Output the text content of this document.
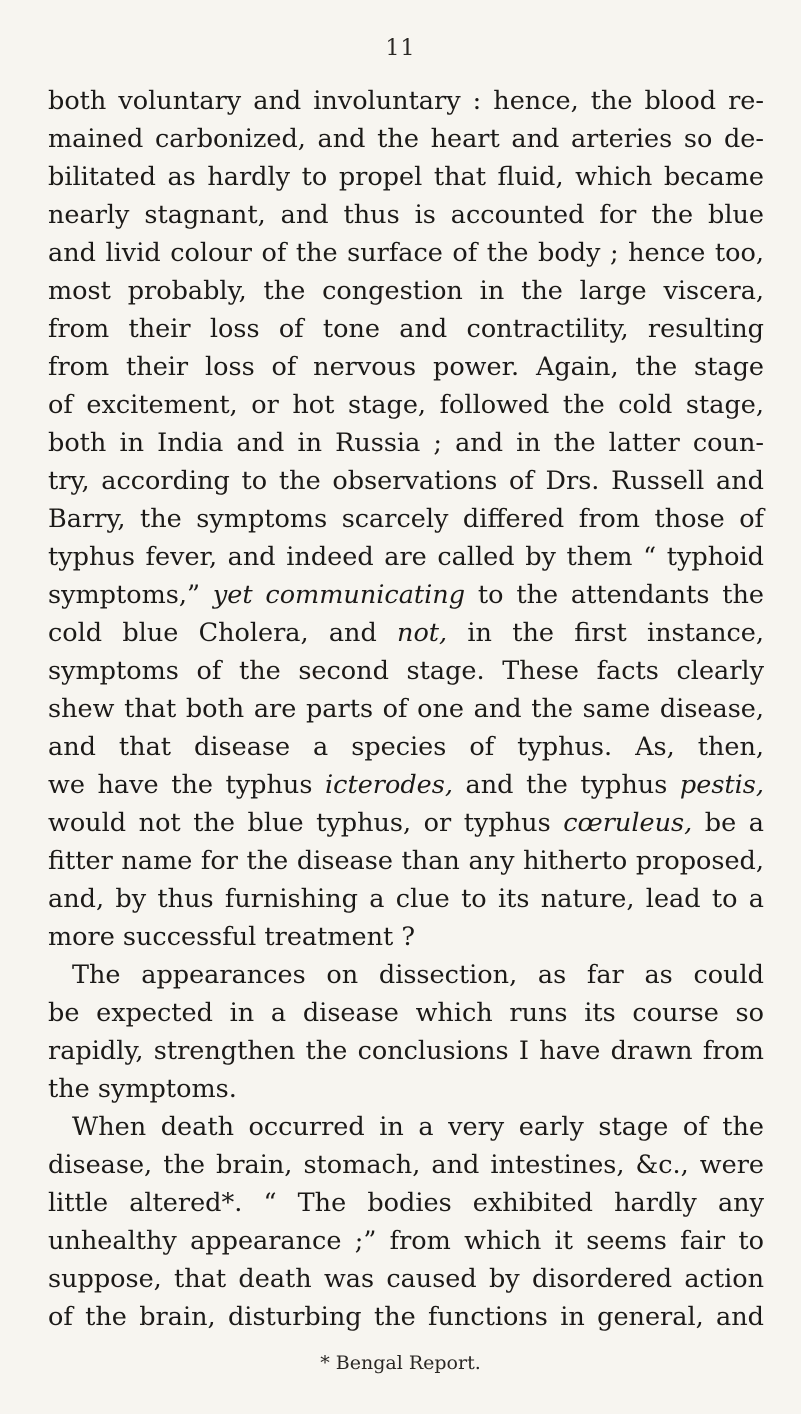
11
both voluntary and involuntary : hence, the blood re-
mained carbonized, and the heart and arteries so de-
bilitated as hardly to propel that fluid, which became
nearly stagnant, and thus is accounted for the blue
and livid colour of the surface of the body ; hence too,
most probably, the congestion in the large viscera,
from their loss of tone and contractility, resulting
from their loss of nervous power. Again, the stage
of excitement, or hot stage, followed the cold stage,
both in India and in Russia ; and in the latter coun-
try, according to the observations of Drs. Russell and
Barry, the symptoms scarcely differed from those of
typhus fever, and indeed are called by them “ typhoid
symptoms,” yet communicating to the attendants the
cold blue Cholera, and not, in the first instance,
symptoms of the second stage. These facts clearly
shew that both are parts of one and the same disease,
and that disease a species of typhus. As, then,
we have the typhus icterodes, and the typhus pestis,
would not the blue typhus, or typhus cœruleus, be a
fitter name for the disease than any hitherto proposed,
and, by thus furnishing a clue to its nature, lead to a
more successful treatment ?
The appearances on dissection, as far as could
be expected in a disease which runs its course so
rapidly, strengthen the conclusions I have drawn from
the symptoms.
When death occurred in a very early stage of the
disease, the brain, stomach, and intestines, &c., were
little altered*. “ The bodies exhibited hardly any
unhealthy appearance ;” from which it seems fair to
suppose, that death was caused by disordered action
of the brain, disturbing the functions in general, and
* Bengal Report.
